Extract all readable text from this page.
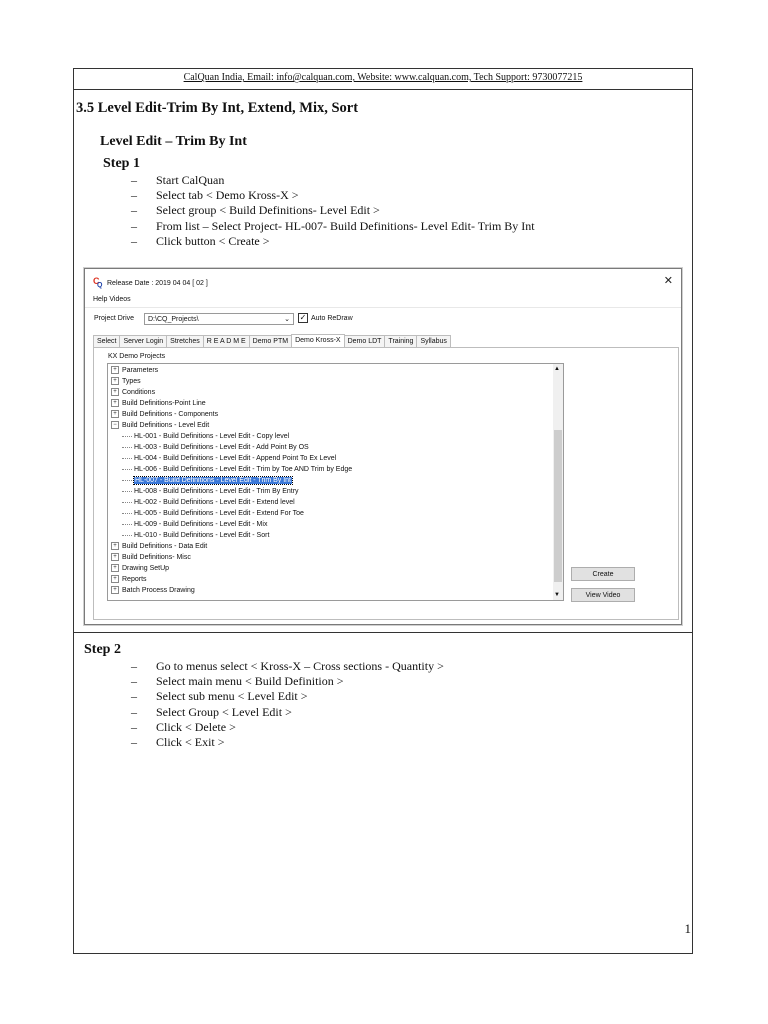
CalQuan India, Email: info@calquan.com, Website: www.calquan.com, Tech Support: 9730077215
3.5 Level Edit-Trim By Int, Extend, Mix, Sort
Level Edit – Trim By Int
Step 1
– Start CalQuan
– Select tab < Demo Kross-X >
– Select group < Build Definitions- Level Edit >
– From list – Select Project- HL-007- Build Definitions- Level Edit- Trim By Int
– Click button < Create >
C
Q Release Date : 2019 04 04 [ 02 ]	✕
Help Videos
Project Drive D:\CQ_Projects\	⌄ ✓ Auto ReDraw
Select	Server Login	Stretches	R E A D M E	Demo PTM	Demo Kross-X	Demo LDT	Training	Syllabus
KX Demo Projects
+ Parameters
+ Types
+ Conditions
+ Build Definitions-Point Line
+ Build Definitions - Components
− Build Definitions - Level Edit
HL-001 - Build Definitions - Level Edit - Copy level
HL-003 - Build Definitions - Level Edit - Add Point By OS
HL-004 - Build Definitions - Level Edit - Append Point To Ex Level
HL-006 - Build Definitions - Level Edit - Trim by Toe AND Trim by Edge
HL-007 - Build Definitions - Level Edit - Trim By Int
HL-008 - Build Definitions - Level Edit - Trim By Entry
HL-002 - Build Definitions - Level Edit - Extend level
HL-005 - Build Definitions - Level Edit - Extend For Toe
HL-009 - Build Definitions - Level Edit - Mix
HL-010 - Build Definitions - Level Edit - Sort
+ Build Definitions - Data Edit
+ Build Definitions- Misc
+ Drawing SetUp
+ Reports
+ Batch Process Drawing
▲
▼
Create
View Video
Step 2
– Go to menus select < Kross-X – Cross sections - Quantity >
– Select main menu < Build Definition >
– Select sub menu < Level Edit >
– Select Group < Level Edit >
– Click < Delete >
– Click < Exit >
1
